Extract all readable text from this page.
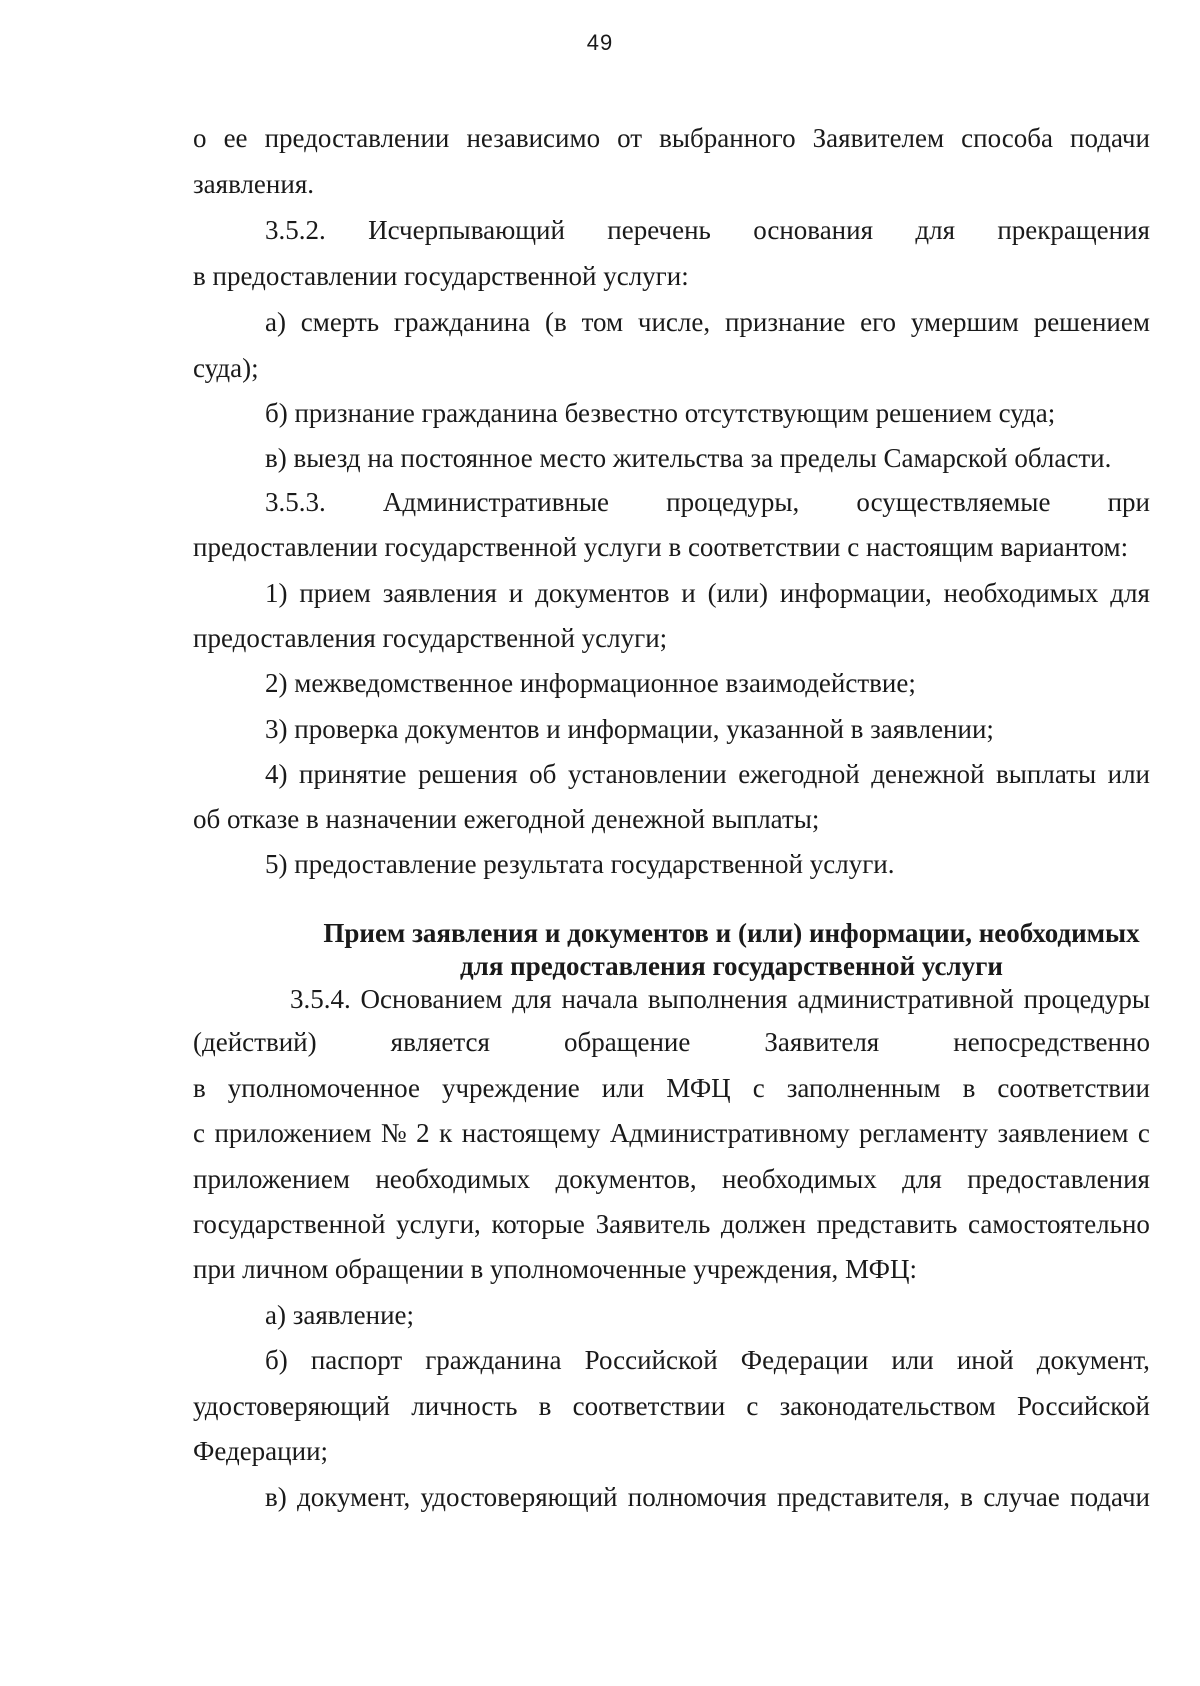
49
о ее предоставлении независимо от выбранного Заявителем способа подачи
заявления.
3.5.2. Исчерпывающий перечень основания для прекращения
в предоставлении государственной услуги:
а) смерть гражданина (в том числе, признание его умершим решением
суда);
б) признание гражданина безвестно отсутствующим решением суда;
в) выезд на постоянное место жительства за пределы Самарской области.
3.5.3. Административные процедуры, осуществляемые при
предоставлении государственной услуги в соответствии с настоящим вариантом:
1) прием заявления и документов и (или) информации, необходимых для
предоставления государственной услуги;
2) межведомственное информационное взаимодействие;
3) проверка документов и информации, указанной в заявлении;
4) принятие решения об установлении ежегодной денежной выплаты или
об отказе в назначении ежегодной денежной выплаты;
5) предоставление результата государственной услуги.
Прием заявления и документов и (или) информации, необходимых
для предоставления государственной услуги
3.5.4. Основанием для начала выполнения административной процедуры
(действий)	является	обращение	Заявителя	непосредственно
в уполномоченное учреждение или МФЦ с заполненным в соответствии
с приложением № 2 к настоящему Административному регламенту заявлением с
приложением необходимых документов, необходимых для предоставления
государственной услуги, которые Заявитель должен представить самостоятельно
при личном обращении в уполномоченные учреждения, МФЦ:
а) заявление;
б) паспорт гражданина Российской Федерации или иной документ,
удостоверяющий личность в соответствии с законодательством Российской
Федерации;
в) документ, удостоверяющий полномочия представителя, в случае подачи
